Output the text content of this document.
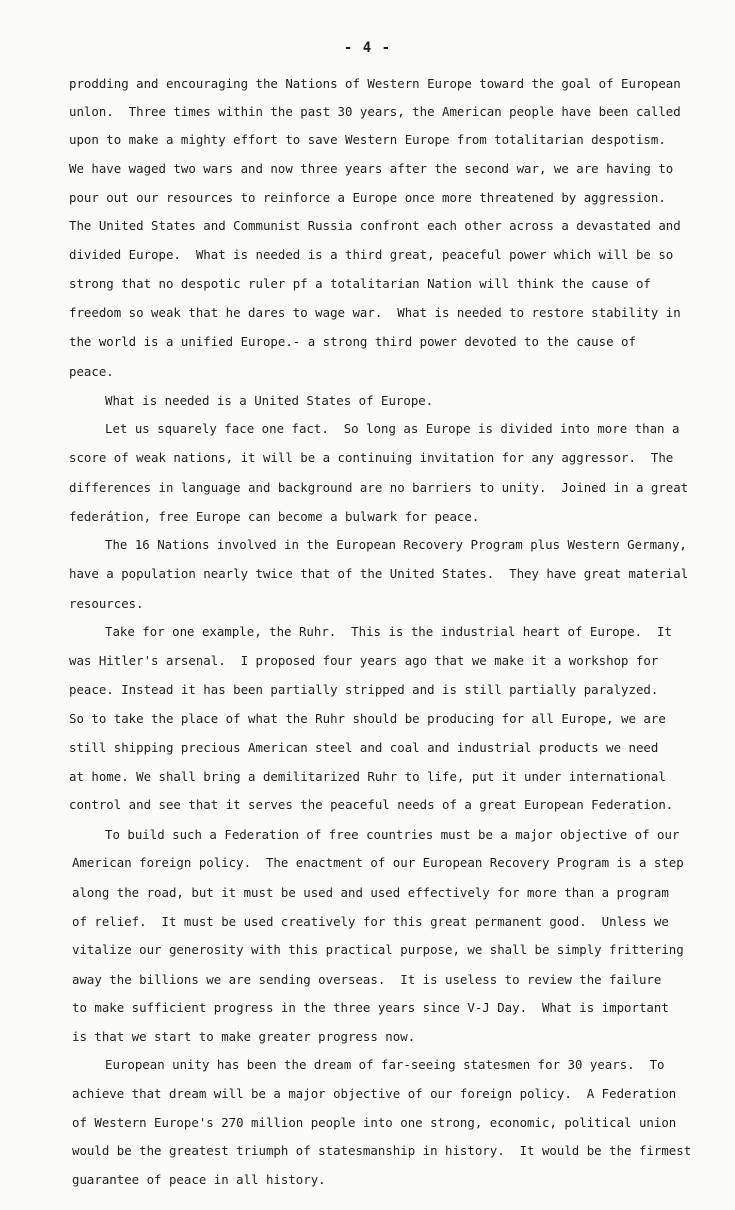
- 4 -
prodding and encouraging the Nations of Western Europe toward the goal of European
unlon.  Three times within the past 30 years, the American people have been called
upon to make a mighty effort to save Western Europe from totalitarian despotism.
We have waged two wars and now three years after the second war, we are having to
pour out our resources to reinforce a Europe once more threatened by aggression.
The United States and Communist Russia confront each other across a devastated and
divided Europe.  What is needed is a third great, peaceful power which will be so
strong that no despotic ruler pf a totalitarian Nation will think the cause of
freedom so weak that he dares to wage war.  What is needed to restore stability in
the world is a unified Europe.- a strong third power devoted to the cause of
peace.
What is needed is a United States of Europe.
Let us squarely face one fact.  So long as Europe is divided into more than a
score of weak nations, it will be a continuing invitation for any aggressor.  The
differences in language and background are no barriers to unity.  Joined in a great
federátion, free Europe can become a bulwark for peace.
The 16 Nations involved in the European Recovery Program plus Western Germany,
have a population nearly twice that of the United States.  They have great material
resources.
Take for one example, the Ruhr.  This is the industrial heart of Europe.  It
was Hitler's arsenal.  I proposed four years ago that we make it a workshop for
peace. Instead it has been partially stripped and is still partially paralyzed.
So to take the place of what the Ruhr should be producing for all Europe, we are
still shipping precious American steel and coal and industrial products we need
at home. We shall bring a demilitarized Ruhr to life, put it under international
control and see that it serves the peaceful needs of a great European Federation.
To build such a Federation of free countries must be a major objective of our
American foreign policy.  The enactment of our European Recovery Program is a step
along the road, but it must be used and used effectively for more than a program
of relief.  It must be used creatively for this great permanent good.  Unless we
vitalize our generosity with this practical purpose, we shall be simply frittering
away the billions we are sending overseas.  It is useless to review the failure
to make sufficient progress in the three years since V-J Day.  What is important
is that we start to make greater progress now.
European unity has been the dream of far-seeing statesmen for 30 years.  To
achieve that dream will be a major objective of our foreign policy.  A Federation
of Western Europe's 270 million people into one strong, economic, political union
would be the greatest triumph of statesmanship in history.  It would be the firmest
guarantee of peace in all history.
